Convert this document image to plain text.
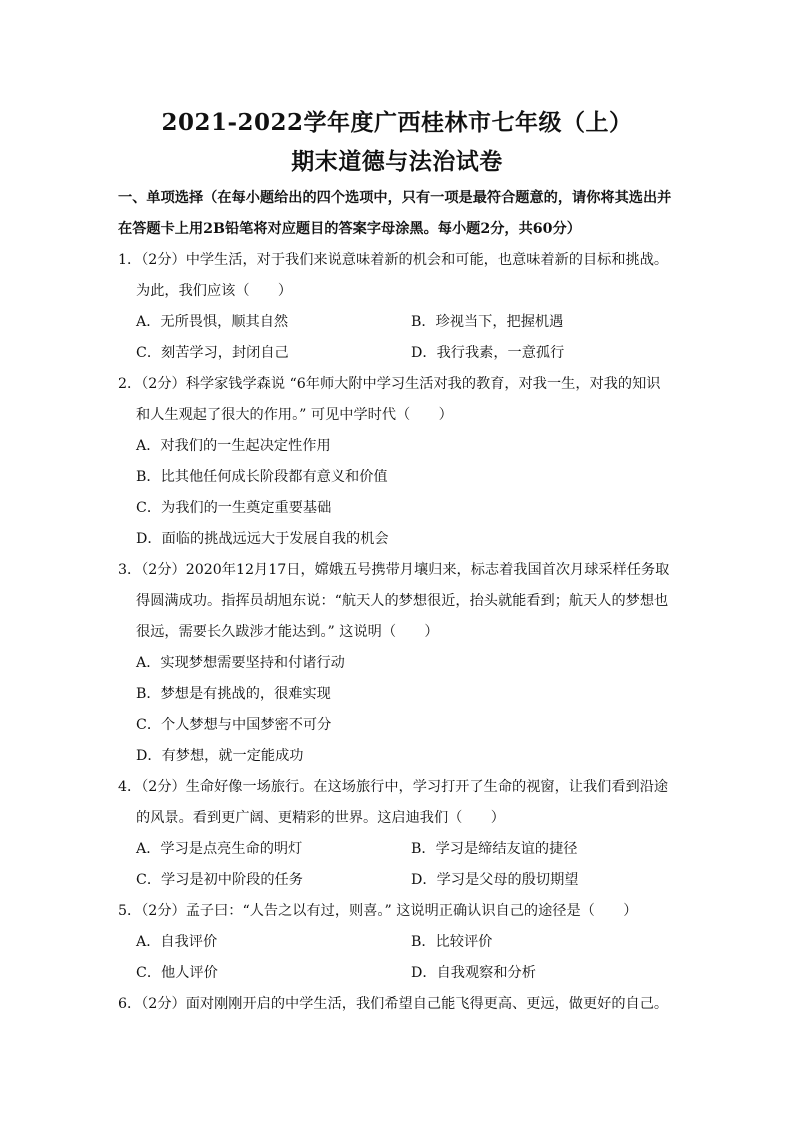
2021-2022学年度广西桂林市七年级（上）
期末道德与法治试卷
一、单项选择（在每小题给出的四个选项中，只有一项是最符合题意的，请你将其选出并
在答题卡上用2B铅笔将对应题目的答案字母涂黑。每小题2分，共60分）
1．（2分）中学生活，对于我们来说意味着新的机会和可能，也意味着新的目标和挑战。
为此，我们应该（　　）
A．无所畏惧，顺其自然	B．珍视当下，把握机遇
C．刻苦学习，封闭自己	D．我行我素，一意孤行
2．（2分）科学家钱学森说 “6年师大附中学习生活对我的教育，对我一生，对我的知识
和人生观起了很大的作用。” 可见中学时代（　　）
A．对我们的一生起决定性作用
B．比其他任何成长阶段都有意义和价值
C．为我们的一生奠定重要基础
D．面临的挑战远远大于发展自我的机会
3．（2分）2020年12月17日，嫦娥五号携带月壤归来，标志着我国首次月球采样任务取
得圆满成功。指挥员胡旭东说：“航天人的梦想很近，抬头就能看到；航天人的梦想也
很远，需要长久跋涉才能达到。” 这说明（　　）
A．实现梦想需要坚持和付诸行动
B．梦想是有挑战的，很难实现
C．个人梦想与中国梦密不可分
D．有梦想，就一定能成功
4．（2分）生命好像一场旅行。在这场旅行中，学习打开了生命的视窗，让我们看到沿途
的风景。看到更广阔、更精彩的世界。这启迪我们（　　）
A．学习是点亮生命的明灯	B．学习是缔结友谊的捷径
C．学习是初中阶段的任务	D．学习是父母的殷切期望
5．（2分）孟子曰：“人告之以有过，则喜。” 这说明正确认识自己的途径是（　　）
A．自我评价	B．比较评价
C．他人评价	D．自我观察和分析
6．（2分）面对刚刚开启的中学生活，我们希望自己能飞得更高、更远，做更好的自己。
